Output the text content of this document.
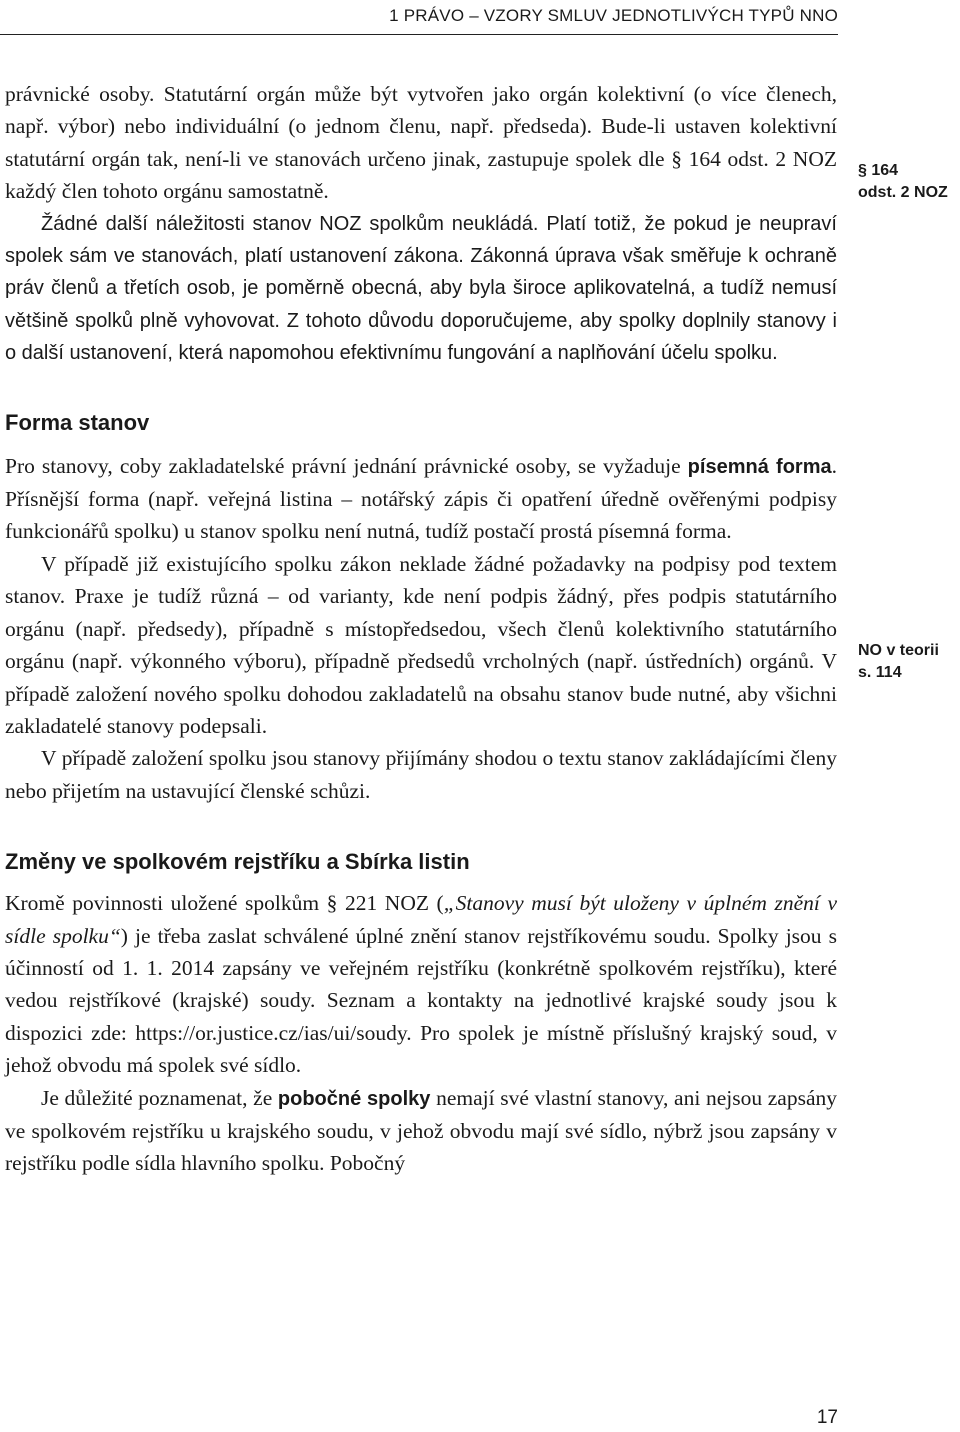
1 PRÁVO – VZORY SMLUV JEDNOTLIVÝCH TYPŮ NNO

právnické osoby. Statutární orgán může být vytvořen jako orgán kolektivní (o více členech, např. výbor) nebo individuální (o jednom členu, např. předseda). Bude-li ustaven kolektivní statutární orgán tak, není-li ve stanovách určeno jinak, zastupuje spolek dle § 164 odst. 2 NOZ každý člen tohoto orgánu samostatně.

Žádné další náležitosti stanov NOZ spolkům neukládá. Platí totiž, že pokud je neupraví spolek sám ve stanovách, platí ustanovení zákona. Zákonná úprava však směřuje k ochraně práv členů a třetích osob, je poměrně obecná, aby byla široce aplikovatelná, a tudíž nemusí většině spolků plně vyhovovat. Z tohoto důvodu doporučujeme, aby spolky doplnily stanovy i o další ustanovení, která napomohou efektivnímu fungování a naplňování účelu spolku.

Forma stanov

Pro stanovy, coby zakladatelské právní jednání právnické osoby, se vyžaduje písemná forma. Přísnější forma (např. veřejná listina – notářský zápis či opatření úředně ověřenými podpisy funkcionářů spolku) u stanov spolku není nutná, tudíž postačí prostá písemná forma.

V případě již existujícího spolku zákon neklade žádné požadavky na podpisy pod textem stanov. Praxe je tudíž různá – od varianty, kde není podpis žádný, přes podpis statutárního orgánu (např. předsedy), případně s místopředsedou, všech členů kolektivního statutárního orgánu (např. výkonného výboru), případně předsedů vrcholných (např. ústředních) orgánů. V případě založení nového spolku dohodou zakladatelů na obsahu stanov bude nutné, aby všichni zakladatelé stanovy podepsali.

V případě založení spolku jsou stanovy přijímány shodou o textu stanov zakládajícími členy nebo přijetím na ustavující členské schůzi.

Změny ve spolkovém rejstříku a Sbírka listin

Kromě povinnosti uložené spolkům § 221 NOZ („Stanovy musí být uloženy v úplném znění v sídle spolku“) je třeba zaslat schválené úplné znění stanov rejstříkovému soudu. Spolky jsou s účinností od 1. 1. 2014 zapsány ve veřejném rejstříku (konkrétně spolkovém rejstříku), které vedou rejstříkové (krajské) soudy. Seznam a kontakty na jednotlivé krajské soudy jsou k dispozici zde: https://or.justice.cz/ias/ui/soudy. Pro spolek je místně příslušný krajský soud, v jehož obvodu má spolek své sídlo.

Je důležité poznamenat, že pobočné spolky nemají své vlastní stanovy, ani nejsou zapsány ve spolkovém rejstříku u krajského soudu, v jehož obvodu mají své sídlo, nýbrž jsou zapsány v rejstříku podle sídla hlavního spolku. Pobočný

§ 164
odst. 2 NOZ
NO v teorii
s. 114
17
